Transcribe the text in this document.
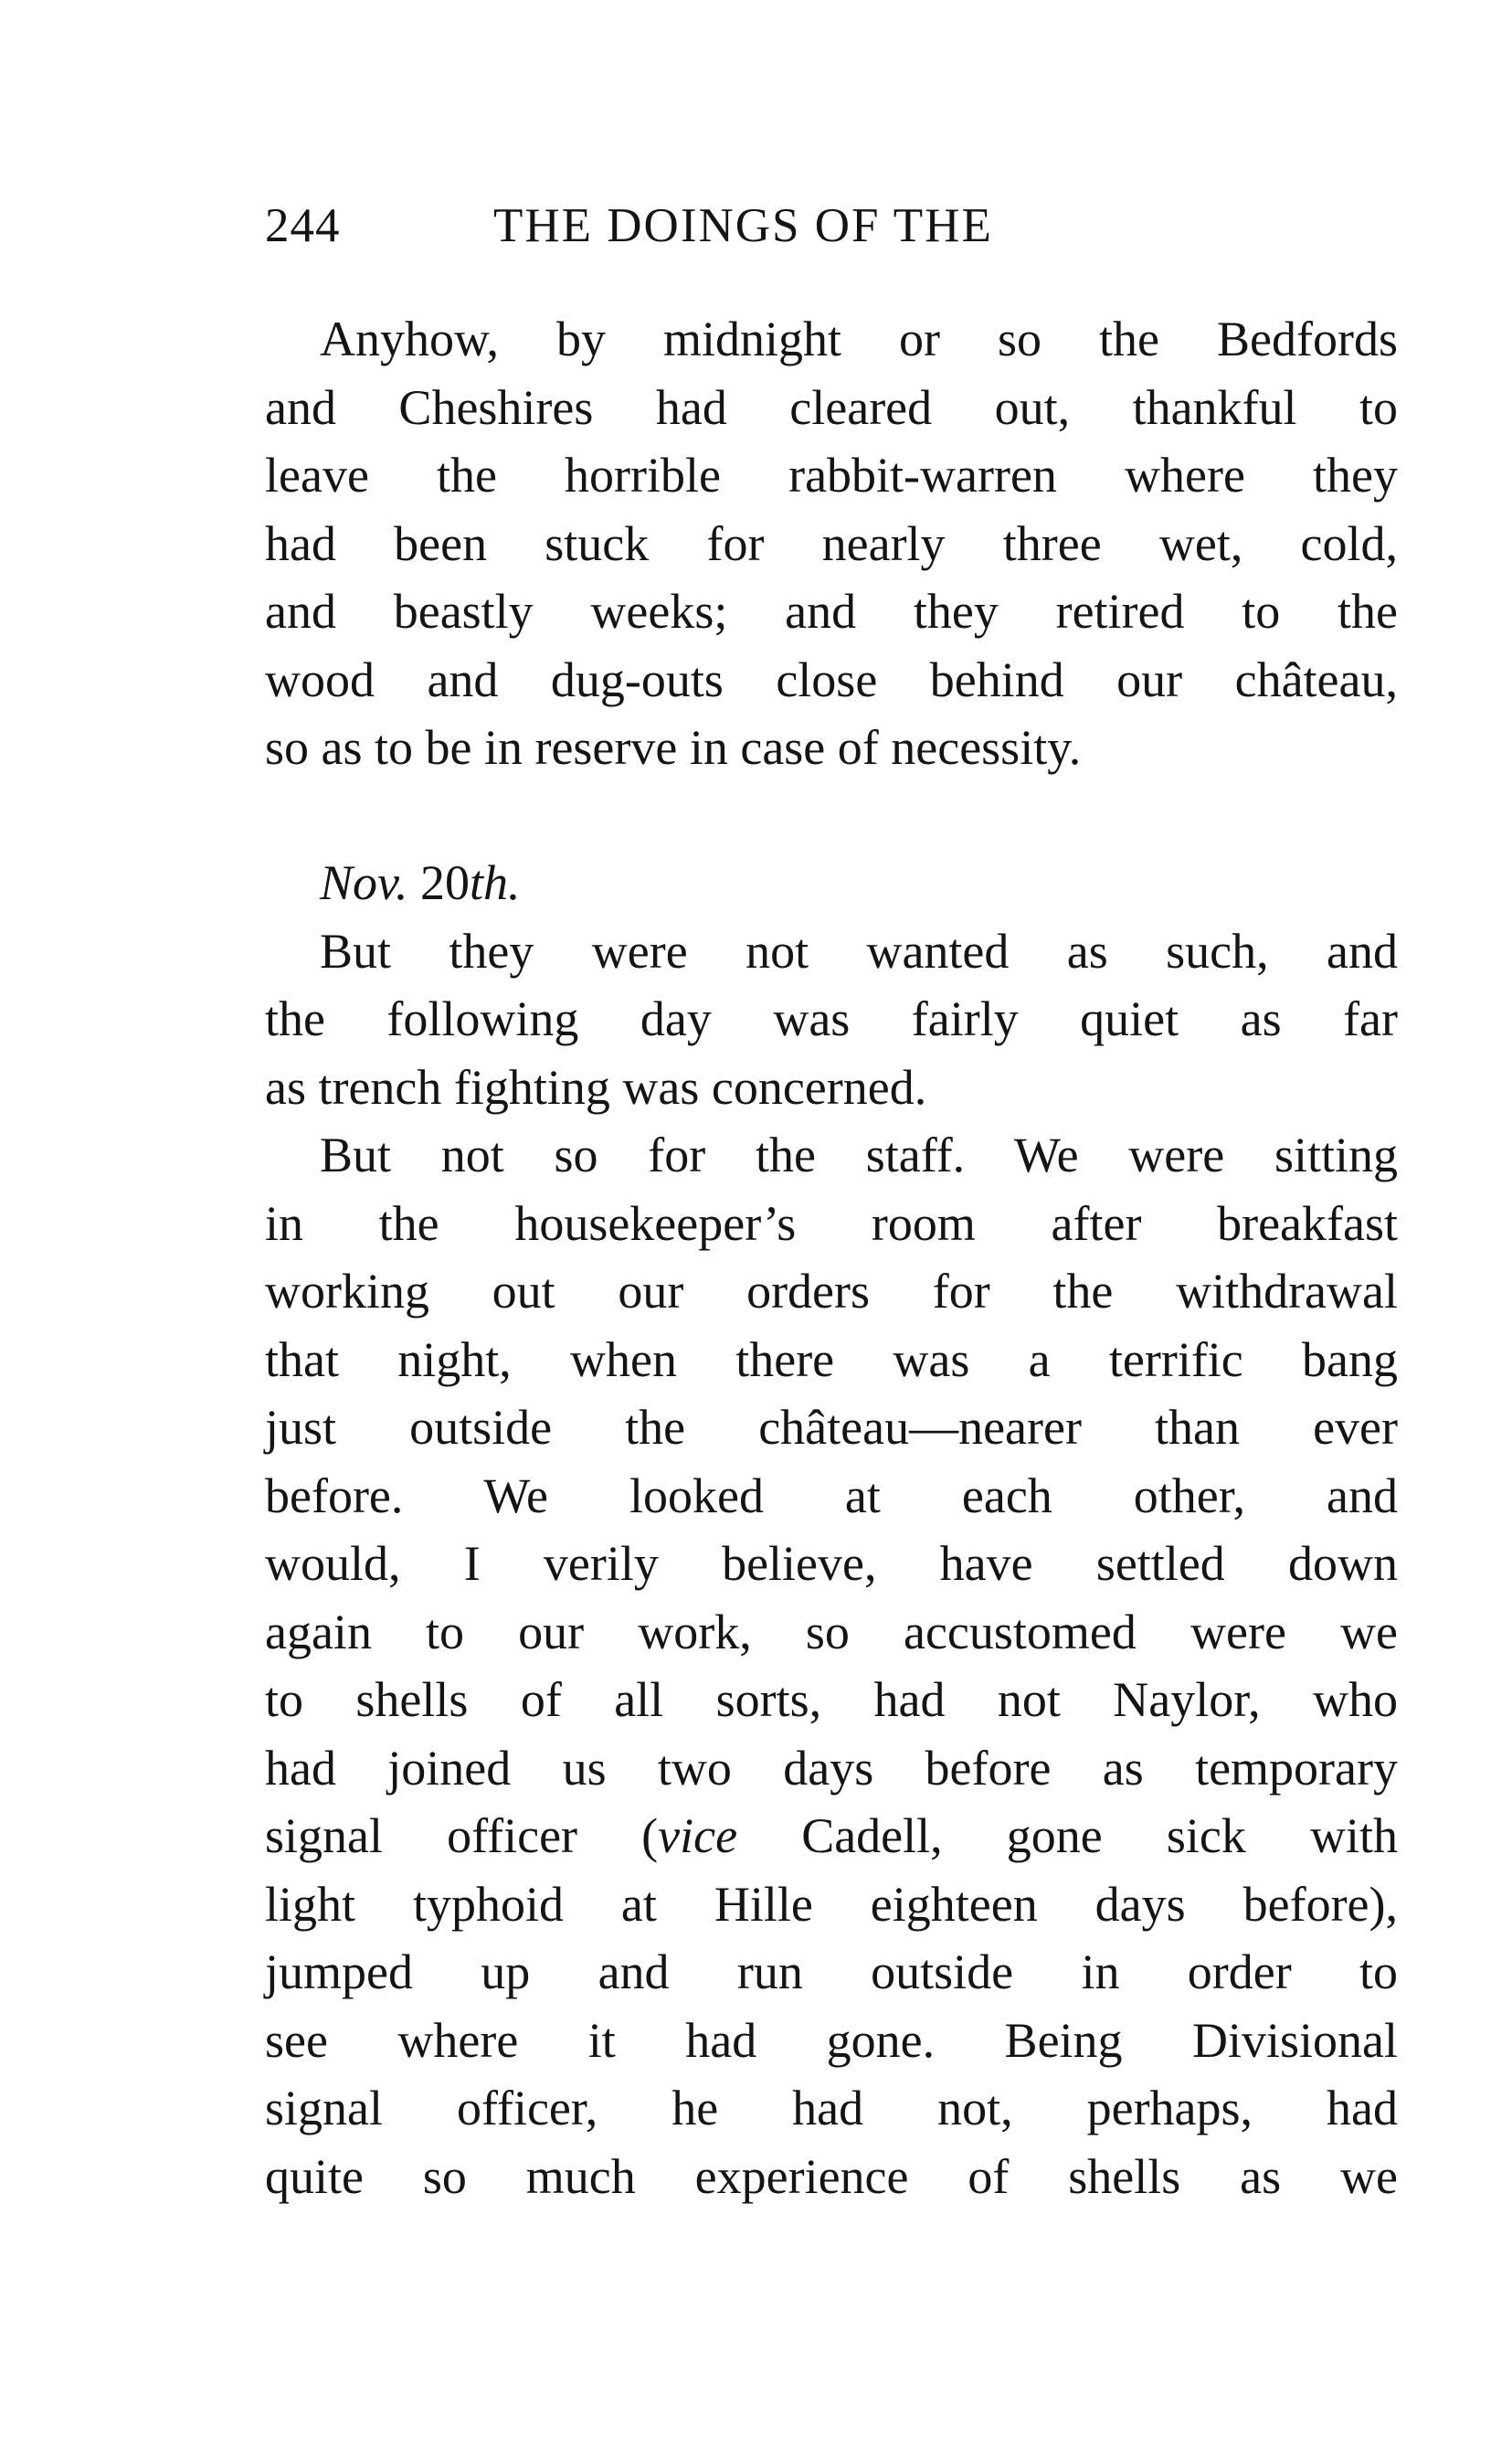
244	THE DOINGS OF THE
Anyhow, by midnight or so the Bedfords
and Cheshires had cleared out, thankful to
leave the horrible rabbit-warren where they
had been stuck for nearly three wet, cold,
and beastly weeks; and they retired to the
wood and dug-outs close behind our château,
so as to be in reserve in case of necessity.
Nov. 20th.
But they were not wanted as such, and
the following day was fairly quiet as far
as trench fighting was concerned.
But not so for the staff. We were sitting
in the housekeeper’s room after breakfast
working out our orders for the withdrawal
that night, when there was a terrific bang
just outside the château—nearer than ever
before. We looked at each other, and
would, I verily believe, have settled down
again to our work, so accustomed were we
to shells of all sorts, had not Naylor, who
had joined us two days before as temporary
signal officer (vice Cadell, gone sick with
light typhoid at Hille eighteen days before),
jumped up and run outside in order to
see where it had gone. Being Divisional
signal officer, he had not, perhaps, had
quite so much experience of shells as we
